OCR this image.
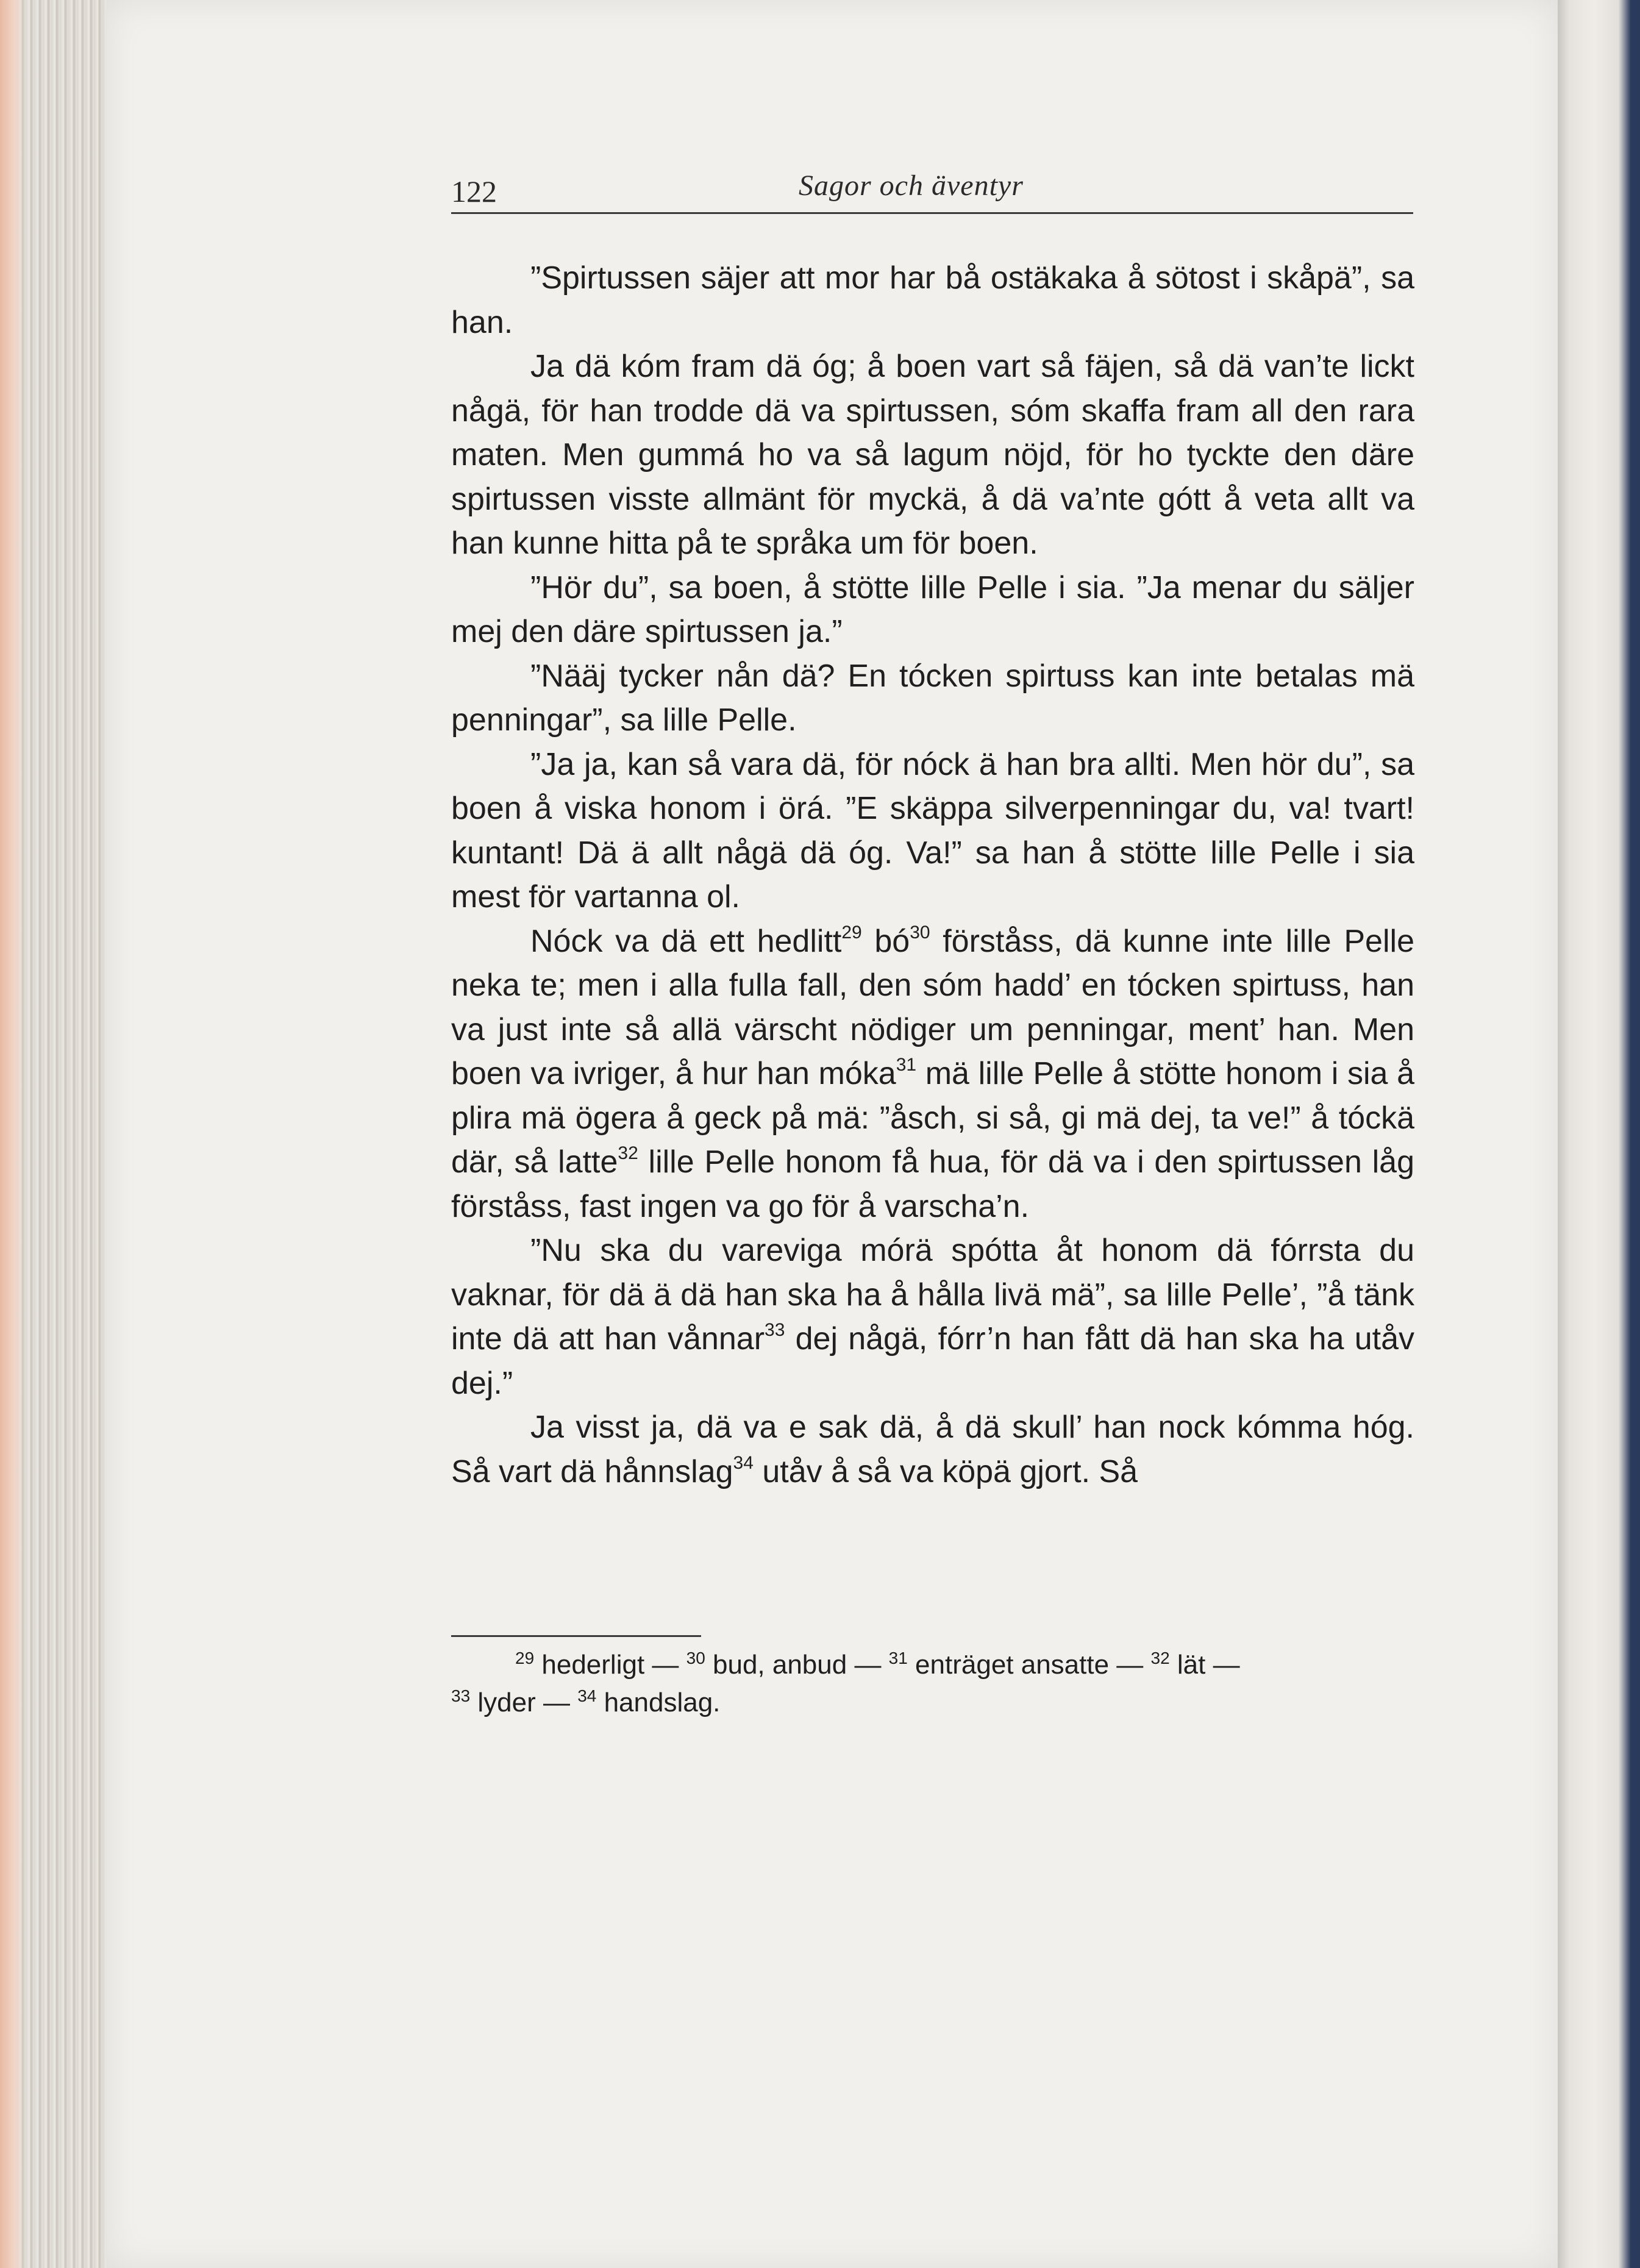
122	Sagor och äventyr

”Spirtussen säjer att mor har bå ostäkaka å sötost i skåpä”, sa han.

Ja dä kóm fram dä óg; å boen vart så fäjen, så dä van’te lickt någä, för han trodde dä va spirtussen, sóm skaffa fram all den rara maten. Men gummá ho va så lagum nöjd, för ho tyckte den däre spirtussen visste allmänt för myckä, å dä va’nte gótt å veta allt va han kunne hitta på te språka um för boen.

”Hör du”, sa boen, å stötte lille Pelle i sia. ”Ja menar du säljer mej den däre spirtussen ja.”

”Nääj tycker nån dä? En tócken spirtuss kan inte betalas mä penningar”, sa lille Pelle.

”Ja ja, kan så vara dä, för nóck ä han bra allti. Men hör du”, sa boen å viska honom i örá. ”E skäppa silverpenningar du, va! tvart! kuntant! Dä ä allt någä dä óg. Va!” sa han å stötte lille Pelle i sia mest för vartanna ol.

Nóck va dä ett hedlitt$^{29}$ $bó^{30}$ förståss, dä kunne inte lille Pelle neka te; men i alla fulla fall, den sóm hadd’ en tócken spirtuss, han va just inte så allä värscht nödiger um penningar, ment’ han. Men boen va ivriger, å hur han móka$^{31}$ mä lille Pelle å stötte honom i sia å plira mä ögera å geck på mä: ”åsch, si så, gi mä dej, ta ve!” å tóckä där, så latte$^{32}$ lille Pelle honom få hua, för dä va i den spirtussen låg förståss, fast ingen va go för å varscha’n.

”Nu ska du vareviga mórä spótta åt honom dä fórrsta du vaknar, för dä ä dä han ska ha å hålla livä mä”, sa lille Pelle’, ”å tänk inte dä att han vånnar$^{33}$ dej någä, fórr’n han fått dä han ska ha utåv dej.”

Ja visst ja, dä va e sak dä, å dä skull’ han nock kómma hóg. Så vart dä hånnslag$^{34}$ utåv å så va köpä gjort. Så

$^{29}$ hederligt — $^{30}$ bud, anbud — $^{31}$ enträget ansatte — $^{32}$ lät —
$^{33}$ lyder — $^{34}$ handslag.
